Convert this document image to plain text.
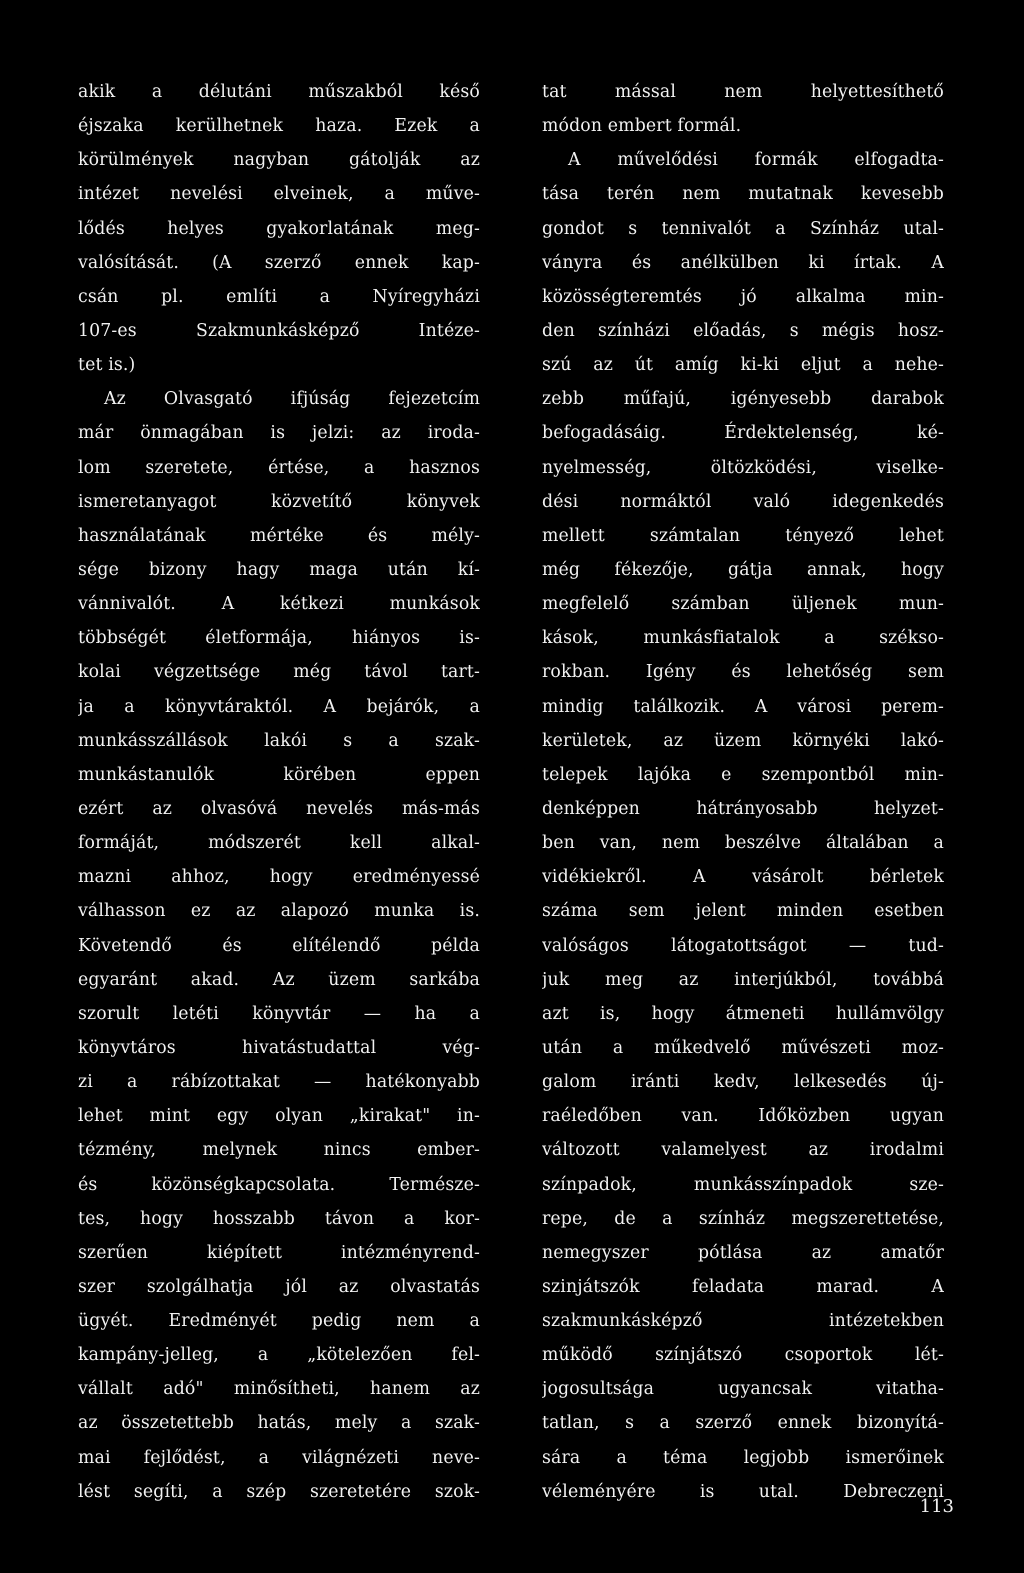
akik a délutáni műszakból késő
éjszaka kerülhetnek haza. Ezek a
körülmények nagyban gátolják az
intézet nevelési elveinek, a műve-
lődés helyes gyakorlatának meg-
valósítását. (A szerző ennek kap-
csán pl. említi a Nyíregyházi
107-es Szakmunkásképző Intéze-
tet is.)
Az Olvasgató ifjúság fejezetcím
már önmagában is jelzi: az iroda-
lom szeretete, értése, a hasznos
ismeretanyagot közvetítő könyvek
használatának mértéke és mély-
sége bizony hagy maga után kí-
vánnivalót. A kétkezi munkások
többségét életformája, hiányos is-
kolai végzettsége még távol tart-
ja a könyvtáraktól. A bejárók, a
munkásszállások lakói s a szak-
munkástanulók körében eppen
ezért az olvasóvá nevelés más-más
formáját, módszerét kell alkal-
mazni ahhoz, hogy eredményessé
válhasson ez az alapozó munka is.
Követendő és elítélendő példa
egyaránt akad. Az üzem sarkába
szorult letéti könyvtár — ha a
könyvtáros hivatástudattal vég-
zi a rábízottakat — hatékonyabb
lehet mint egy olyan „kirakat" in-
tézmény, melynek nincs ember-
és közönségkapcsolata. Természe-
tes, hogy hosszabb távon a kor-
szerűen kiépített intézményrend-
szer szolgálhatja jól az olvastatás
ügyét. Eredményét pedig nem a
kampány-jelleg, a „kötelezően fel-
vállalt adó" minősítheti, hanem az
az összetettebb hatás, mely a szak-
mai fejlődést, a világnézeti neve-
lést segíti, a szép szeretetére szok-
tat mással nem helyettesíthető
módon embert formál.
A művelődési formák elfogadta-
tása terén nem mutatnak kevesebb
gondot s tennivalót a Színház utal-
ványra és anélkülben ki írtak. A
közösségteremtés jó alkalma min-
den színházi előadás, s mégis hosz-
szú az út amíg ki-ki eljut a nehe-
zebb műfajú, igényesebb darabok
befogadásáig. Érdektelenség, ké-
nyelmesség, öltözködési, viselke-
dési normáktól való idegenkedés
mellett számtalan tényező lehet
még fékezője, gátja annak, hogy
megfelelő számban üljenek mun-
kások, munkásfiatalok a székso-
rokban. Igény és lehetőség sem
mindig találkozik. A városi perem-
kerületek, az üzem környéki lakó-
telepek lajóka e szempontból min-
denképpen hátrányosabb helyzet-
ben van, nem beszélve általában a
vidékiekről. A vásárolt bérletek
száma sem jelent minden esetben
valóságos látogatottságot — tud-
juk meg az interjúkból, továbbá
azt is, hogy átmeneti hullámvölgy
után a műkedvelő művészeti moz-
galom iránti kedv, lelkesedés új-
raéledőben van. Időközben ugyan
változott valamelyest az irodalmi
színpadok, munkásszínpadok sze-
repe, de a színház megszerettetése,
nemegyszer pótlása az amatőr
szinjátszók feladata marad. A
szakmunkásképző intézetekben
működő színjátszó csoportok lét-
jogosultsága ugyancsak vitatha-
tatlan, s a szerző ennek bizonyítá-
sára a téma legjobb ismerőinek
véleményére is utal. Debreczeni
113
